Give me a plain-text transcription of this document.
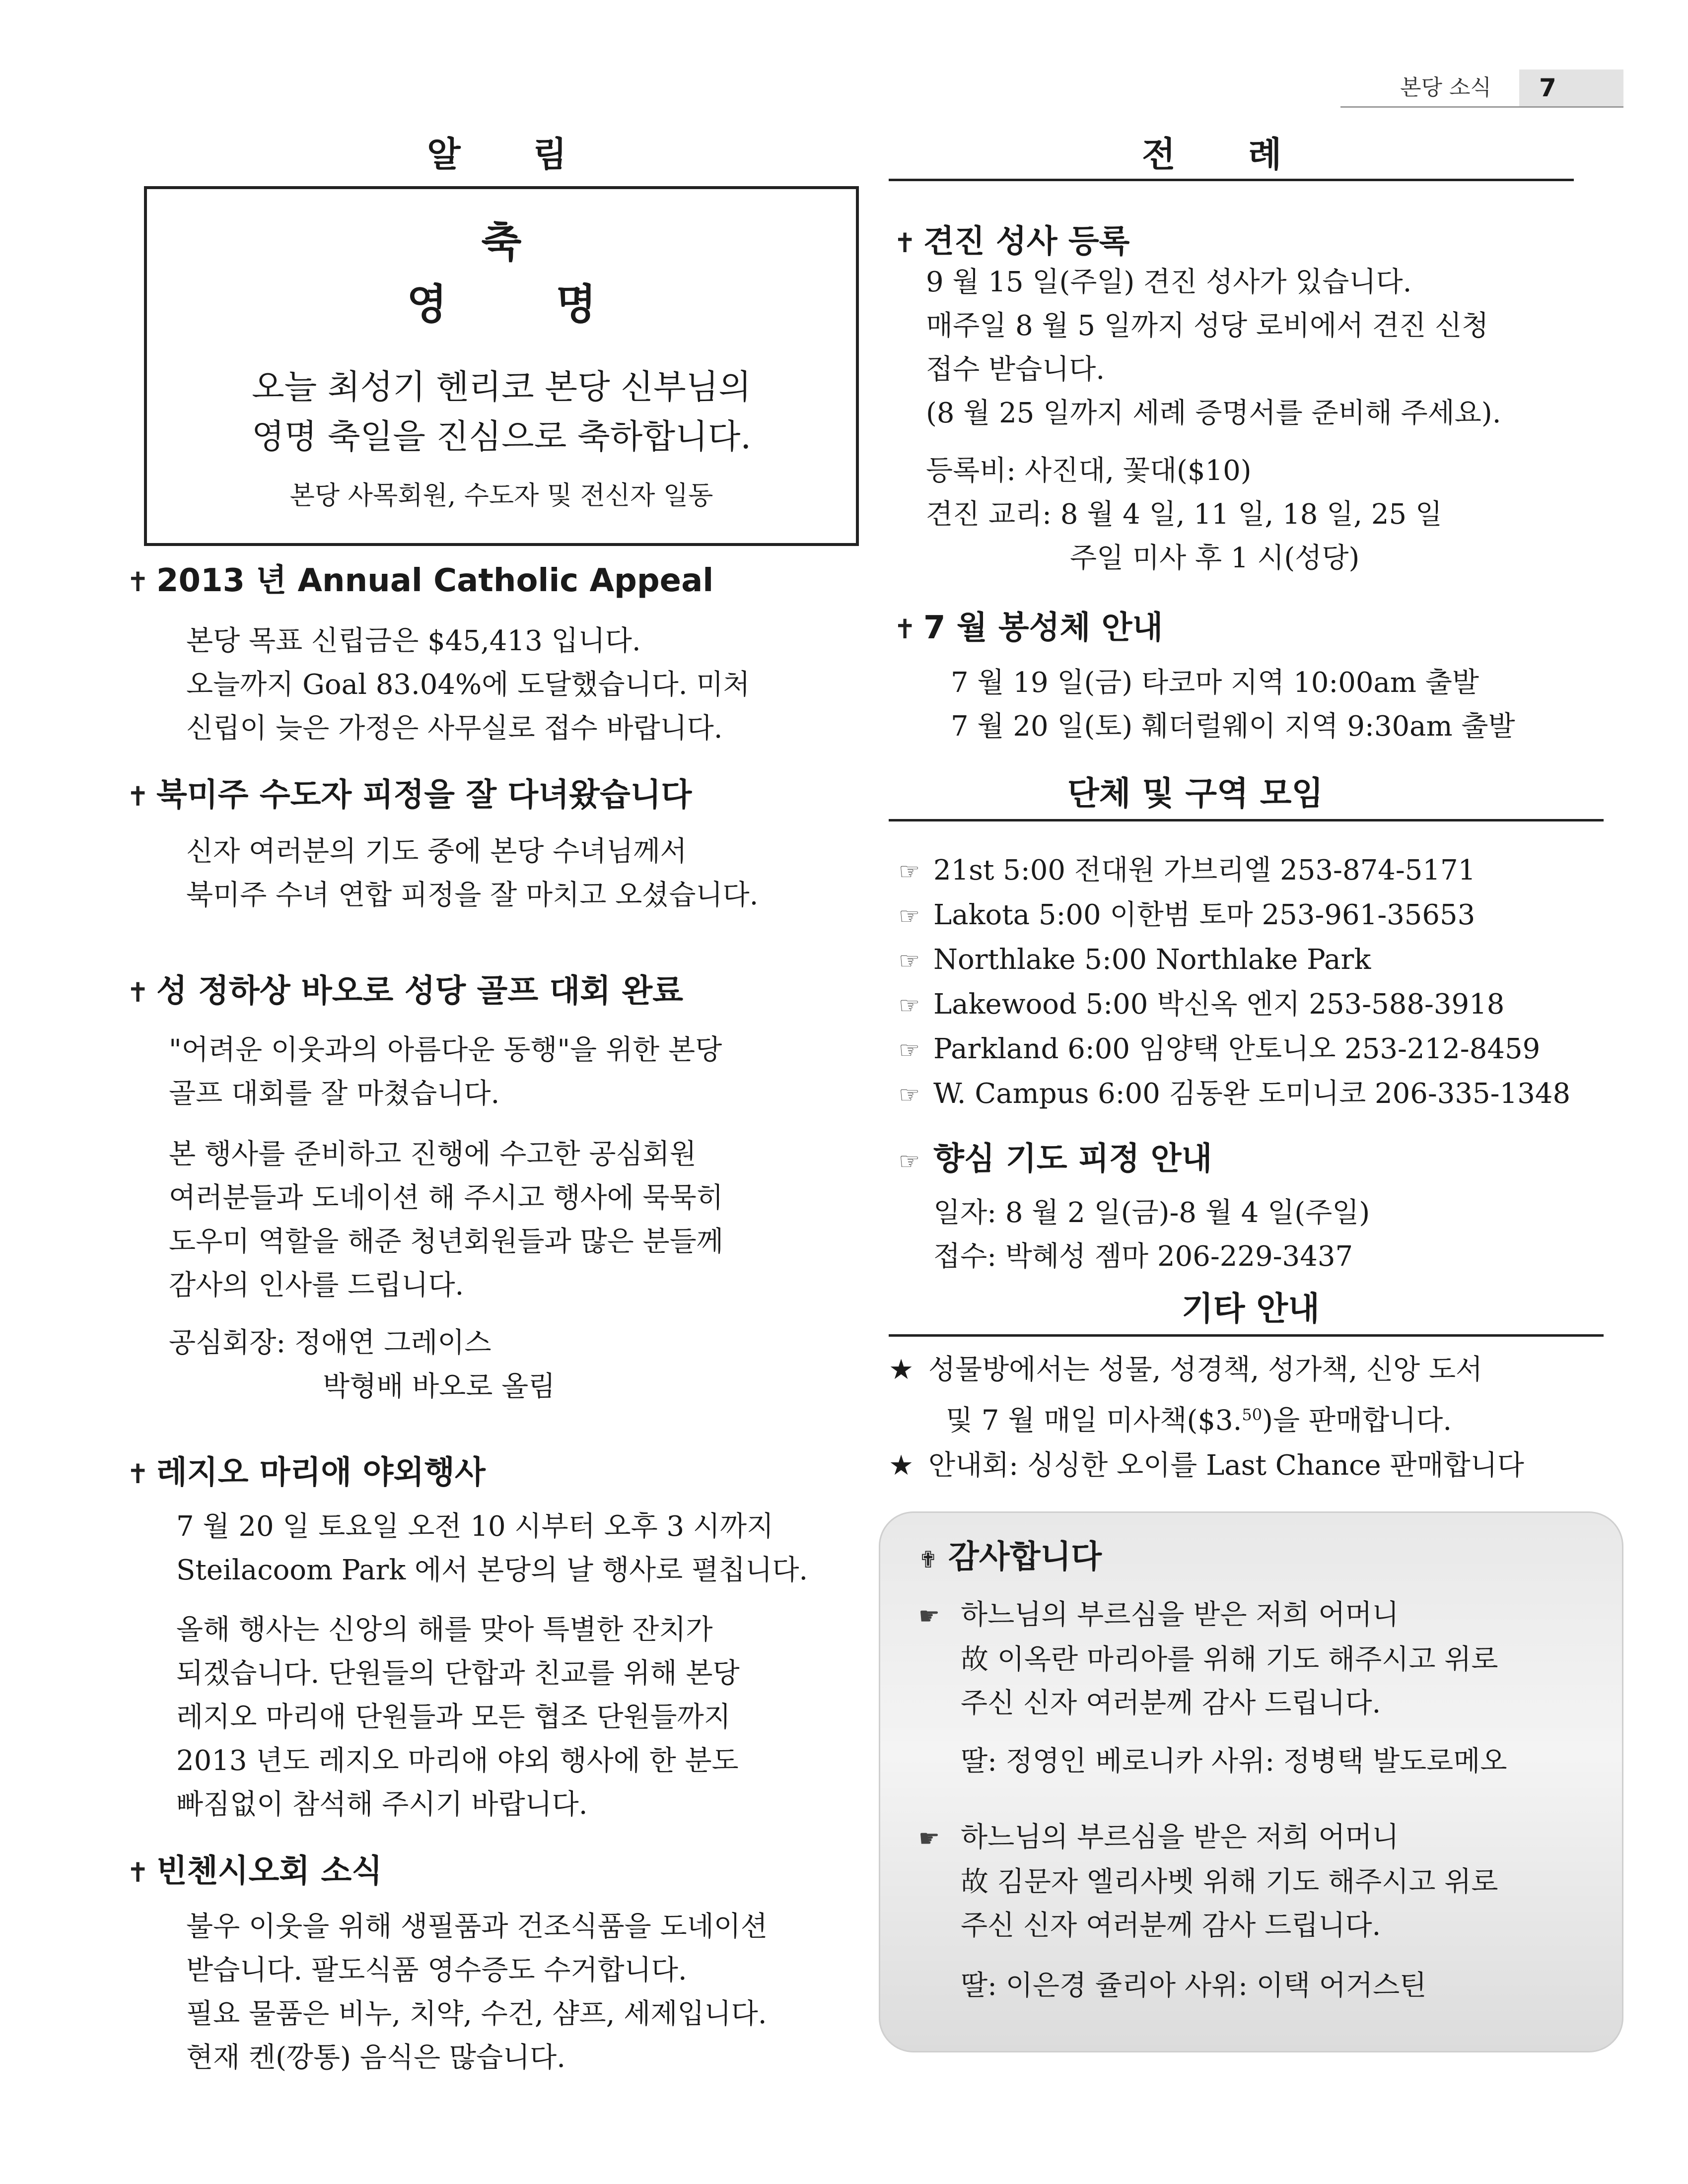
본당 소식	7
알      림	전      례
축
영 명
오늘 최성기 헨리코 본당 신부님의
영명 축일을 진심으로 축하합니다.
본당 사목회원, 수도자 및 전신자 일동
✝ 2013 년 Annual Catholic Appeal
본당 목표 신립금은 $45,413 입니다.
오늘까지 Goal 83.04%에 도달했습니다. 미처
신립이 늦은 가정은 사무실로 접수 바랍니다.
✝ 북미주 수도자 피정을 잘 다녀왔습니다
신자 여러분의 기도 중에 본당 수녀님께서
북미주 수녀 연합 피정을 잘 마치고 오셨습니다.
✝ 성 정하상 바오로 성당 골프 대회 완료
"어려운 이웃과의 아름다운 동행"을 위한 본당
골프 대회를 잘 마쳤습니다.
본 행사를 준비하고 진행에 수고한 공심회원
여러분들과 도네이션 해 주시고 행사에 묵묵히
도우미 역할을 해준 청년회원들과 많은 분들께
감사의 인사를 드립니다.
공심회장: 정애연 그레이스
박형배 바오로 올림
✝ 레지오 마리애 야외행사
7 월 20 일 토요일 오전 10 시부터 오후 3 시까지
Steilacoom Park 에서 본당의 날 행사로 펼칩니다.
올해 행사는 신앙의 해를 맞아 특별한 잔치가
되겠습니다. 단원들의 단합과 친교를 위해 본당
레지오 마리애 단원들과 모든 협조 단원들까지
2013 년도 레지오 마리애 야외 행사에 한 분도
빠짐없이 참석해 주시기 바랍니다.
✝ 빈첸시오회 소식
불우 이웃을 위해 생필품과 건조식품을 도네이션
받습니다. 팔도식품 영수증도 수거합니다.
필요 물품은 비누, 치약, 수건, 샴프, 세제입니다.
현재 켄(깡통) 음식은 많습니다.
✝ 견진 성사 등록
9 월 15 일(주일) 견진 성사가 있습니다.
매주일 8 월 5 일까지 성당 로비에서 견진 신청
접수 받습니다.
(8 월 25 일까지 세례 증명서를 준비해 주세요).
등록비: 사진대, 꽃대($10)
견진 교리: 8 월 4 일, 11 일, 18 일, 25 일
주일 미사 후 1 시(성당)
✝ 7 월 봉성체 안내
7 월 19 일(금) 타코마 지역 10:00am 출발
7 월 20 일(토) 훼더럴웨이 지역 9:30am 출발
단체 및 구역 모임
☞ 21st 5:00 전대원 가브리엘 253-874-5171
☞ Lakota 5:00 이한범 토마 253-961-35653
☞ Northlake 5:00 Northlake Park
☞ Lakewood 5:00 박신옥 엔지 253-588-3918
☞ Parkland 6:00 임양택 안토니오 253-212-8459
☞ W. Campus 6:00 김동완 도미니코 206-335-1348
☞ 향심 기도 피정 안내
일자: 8 월 2 일(금)-8 월 4 일(주일)
접수: 박혜성 젬마 206-229-3437
기타 안내
★ 성물방에서는 성물, 성경책, 성가책, 신앙 도서
및 7 월 매일 미사책($3.50)을 판매합니다.
★ 안내회: 싱싱한 오이를 Last Chance 판매합니다
✟ 감사합니다
☛ 하느님의 부르심을 받은 저희 어머니
故 이옥란 마리아를 위해 기도 해주시고 위로
주신 신자 여러분께 감사 드립니다.
딸: 정영인 베로니카 사위: 정병택 발도로메오
☛ 하느님의 부르심을 받은 저희 어머니
故 김문자 엘리사벳 위해 기도 해주시고 위로
주신 신자 여러분께 감사 드립니다.
딸: 이은경 쥴리아 사위: 이택 어거스틴
